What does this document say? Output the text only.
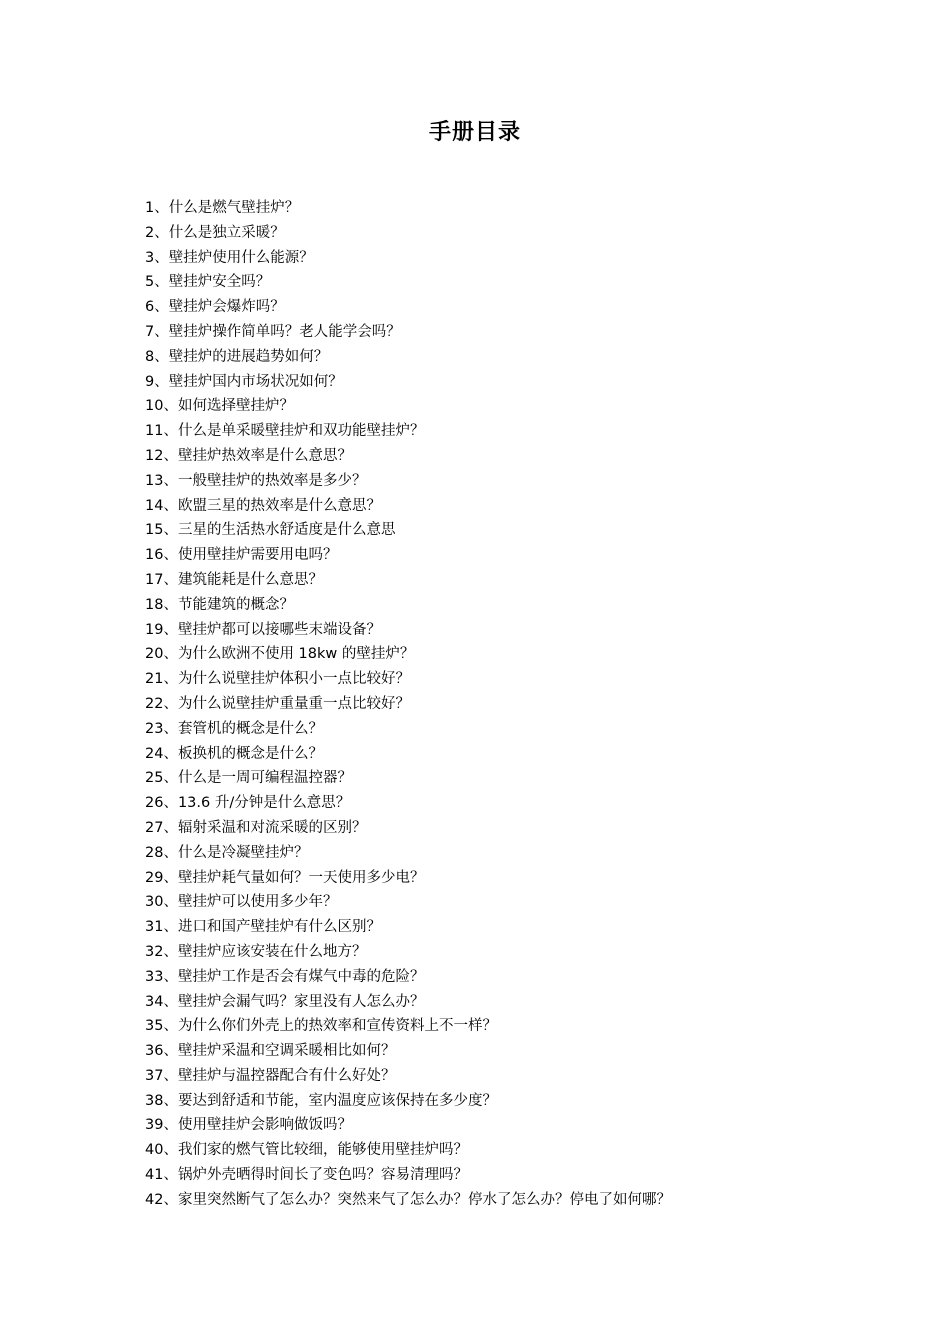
手册目录
1、什么是燃气壁挂炉？
2、什么是独立采暖？
3、壁挂炉使用什么能源？
5、壁挂炉安全吗？
6、壁挂炉会爆炸吗？
7、壁挂炉操作简单吗？老人能学会吗？
8、壁挂炉的进展趋势如何？
9、壁挂炉国内市场状况如何？
10、如何选择壁挂炉？
11、什么是单采暖壁挂炉和双功能壁挂炉？
12、壁挂炉热效率是什么意思？
13、一般壁挂炉的热效率是多少？
14、欧盟三星的热效率是什么意思？
15、三星的生活热水舒适度是什么意思
16、使用壁挂炉需要用电吗？
17、建筑能耗是什么意思？
18、节能建筑的概念？
19、壁挂炉都可以接哪些末端设备？
20、为什么欧洲不使用 18kw 的壁挂炉？
21、为什么说壁挂炉体积小一点比较好？
22、为什么说壁挂炉重量重一点比较好？
23、套管机的概念是什么？
24、板换机的概念是什么？
25、什么是一周可编程温控器？
26、13.6 升/分钟是什么意思？
27、辐射采温和对流采暖的区别？
28、什么是冷凝壁挂炉？
29、壁挂炉耗气量如何？一天使用多少电？
30、壁挂炉可以使用多少年？
31、进口和国产壁挂炉有什么区别？
32、壁挂炉应该安装在什么地方？
33、壁挂炉工作是否会有煤气中毒的危险？
34、壁挂炉会漏气吗？家里没有人怎么办？
35、为什么你们外壳上的热效率和宣传资料上不一样？
36、壁挂炉采温和空调采暖相比如何？
37、壁挂炉与温控器配合有什么好处？
38、要达到舒适和节能，室内温度应该保持在多少度？
39、使用壁挂炉会影响做饭吗？
40、我们家的燃气管比较细，能够使用壁挂炉吗？
41、锅炉外壳晒得时间长了变色吗？容易清理吗？
42、家里突然断气了怎么办？突然来气了怎么办？停水了怎么办？停电了如何哪？
